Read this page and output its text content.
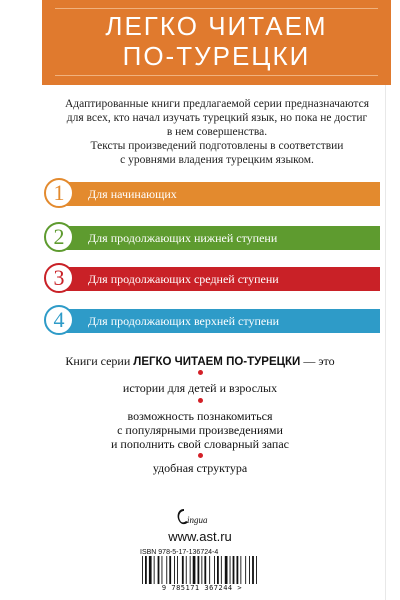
ЛЕГКО ЧИТАЕМ
ПО-ТУРЕЦКИ
Адаптированные книги предлагаемой серии предназначаются
для всех, кто начал изучать турецкий язык, но пока не достиг
в нем совершенства.
Тексты произведений подготовлены в соответствии
с уровнями владения турецким языком.
1	Для начинающих
2	Для продолжающих нижней ступени
3	Для продолжающих средней ступени
4	Для продолжающих верхней ступени
Книги серии ЛЕГКО ЧИТАЕМ ПО-ТУРЕЦКИ — это
истории для детей и взрослых
возможность познакомиться
с популярными произведениями
и пополнить свой словарный запас
удобная структура
ingua
www.ast.ru
ISBN 978-5-17-136724-4
9 785171 367244 >
